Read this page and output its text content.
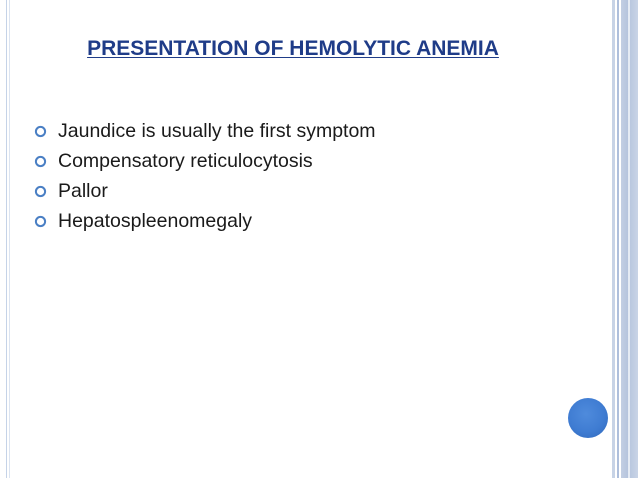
PRESENTATION OF HEMOLYTIC ANEMIA
Jaundice is usually the first symptom
Compensatory reticulocytosis
Pallor
Hepatospleenomegaly
